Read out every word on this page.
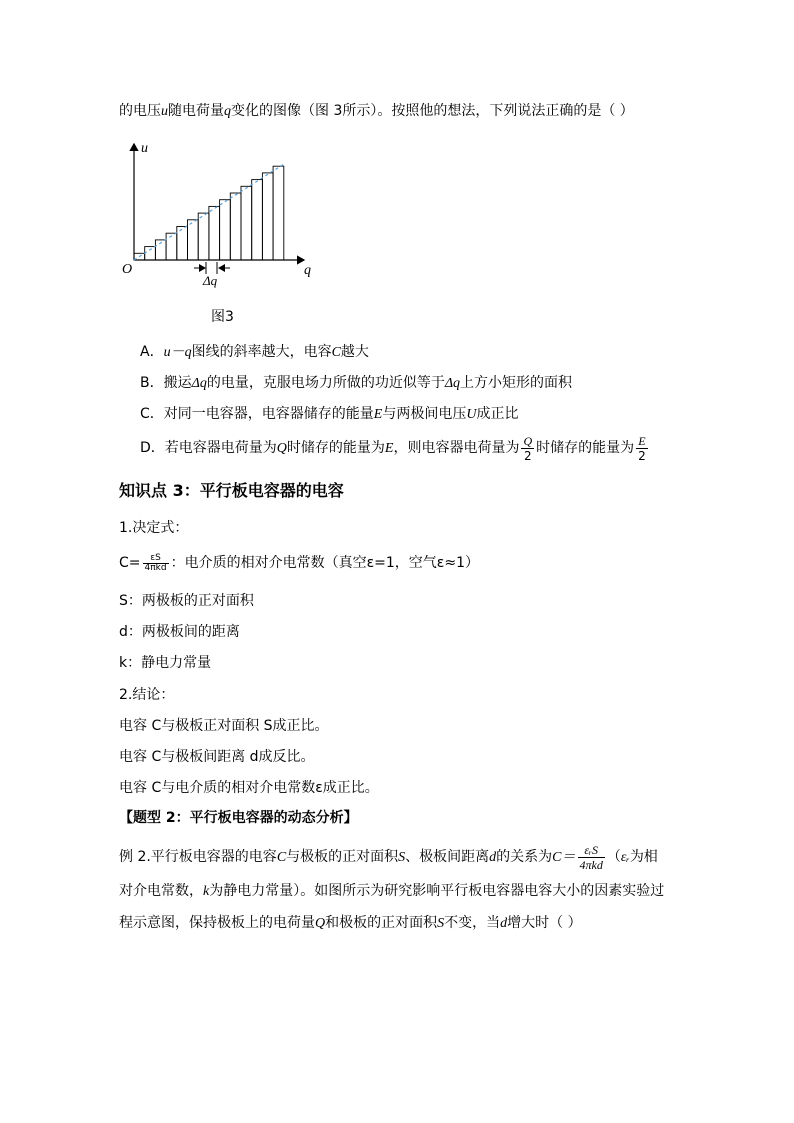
的电压u随电荷量q变化的图像（图 3所示）。按照他的想法，下列说法正确的是（ ）
u
q
O
Δq
图3
A．u－q图线的斜率越大，电容C越大
B．搬运Δq的电量，克服电场力所做的功近似等于Δq上方小矩形的面积
C．对同一电容器，电容器储存的能量E与两极间电压U成正比
D．若电容器电荷量为Q时储存的能量为E，则电容器电荷量为 $\frac{Q}{2}$ 时储存的能量为 $\frac{E}{2}$
知识点 3：平行板电容器的电容
1.决定式：
$C= \frac{\varepsilon S}{\text{4πkd}}$ ：电介质的相对介电常数（真空ε=1，空气ε≈1）
S：两极板的正对面积
d：两极板间的距离
k：静电力常量
2.结论：
电容 C与极板正对面积 S成正比。
电容 C与极板间距离 d成反比。
电容 C与电介质的相对介电常数ε成正比。
【题型 2：平行板电容器的动态分析】
例 2.平行板电容器的电容C与极板的正对面积S、极板间距离d的关系为$C= \frac{\text{εᵣS}}{\text{4πkd}}$ （εᵣ为相
对介电常数，k为静电力常量）。如图所示为研究影响平行板电容器电容大小的因素实验过
程示意图，保持极板上的电荷量Q和极板的正对面积S不变，当d增大时（ ）
